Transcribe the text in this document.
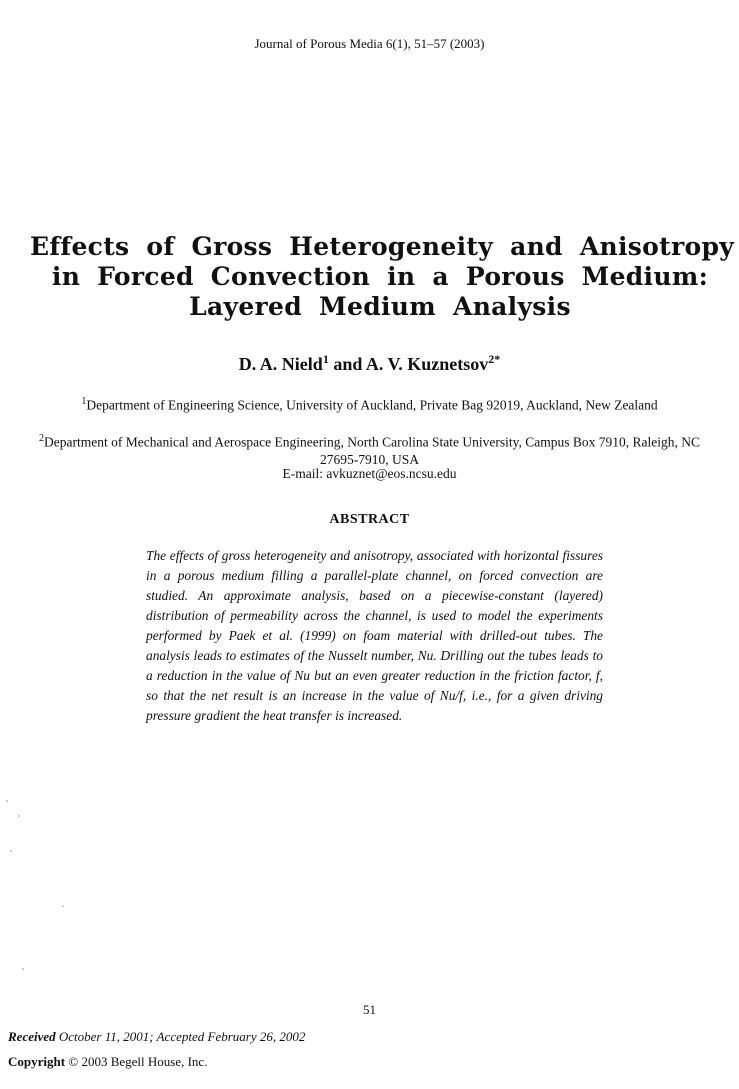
Journal of Porous Media 6(1), 51–57 (2003)
Effects of Gross Heterogeneity and Anisotropy
in Forced Convection in a Porous Medium:
Layered Medium Analysis
D. A. Nield$^1$ and A. V. Kuznetsov$^{2*}$
$^1$Department of Engineering Science, University of Auckland, Private Bag 92019, Auckland, New Zealand
$^2$Department of Mechanical and Aerospace Engineering, North Carolina State University, Campus Box 7910, Raleigh, NC 27695-7910, USA
E-mail: avkuznet@eos.ncsu.edu
ABSTRACT
The effects of gross heterogeneity and anisotropy, associated with horizontal fissures in a porous medium filling a parallel-plate channel, on forced convection are studied. An approximate analysis, based on a piecewise-constant (layered) distribution of permeability across the channel, is used to model the experiments performed by Paek et al. (1999) on foam material with drilled-out tubes. The analysis leads to estimates of the Nusselt number, Nu. Drilling out the tubes leads to a reduction in the value of Nu but an even greater reduction in the friction factor, f, so that the net result is an increase in the value of Nu/f, i.e., for a given driving pressure gradient the heat transfer is increased.
51
Received October 11, 2001; Accepted February 26, 2002
Copyright © 2003 Begell House, Inc.
